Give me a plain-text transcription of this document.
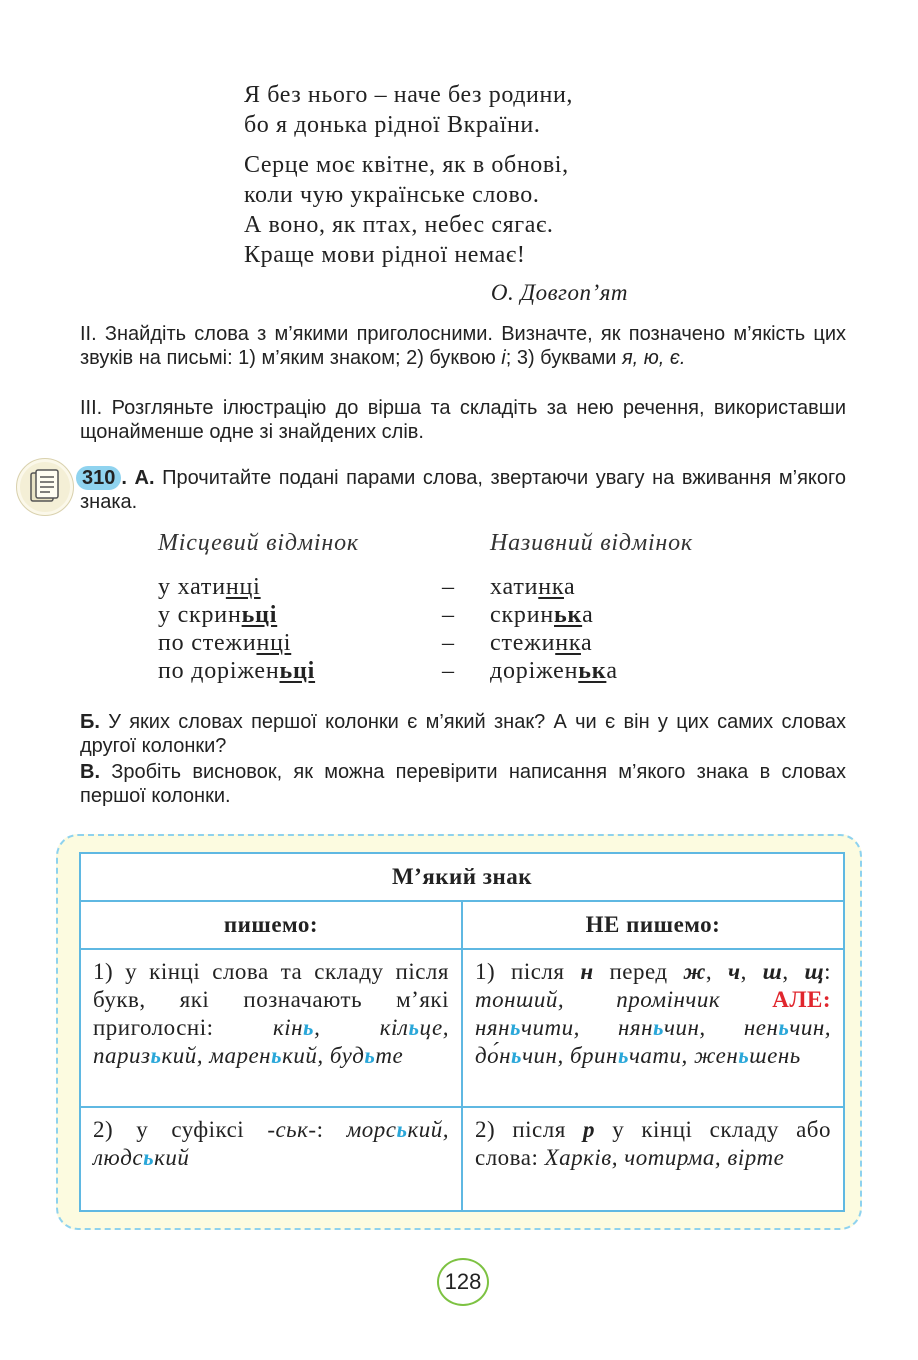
Я без нього – наче без родини,
бо я донька рідної Вкраїни.
Серце моє квітне, як в обнові,
коли чую українське слово.
А воно, як птах, небес сягає.
Краще мови рідної немає!
О. Довгоп’ят
II. Знайдіть слова з м’якими приголосними. Визначте, як позначено м’якість цих звуків на письмі: 1) м’яким знаком; 2) буквою і; 3) буквами я, ю, є.
III. Розгляньте ілюстрацію до вірша та складіть за нею речення, використавши щонайменше одне зі знайдених слів.
310 . А. Прочитайте подані парами слова, звертаючи увагу на вживання м’якого знака.
Місцевий відмінок	Називний відмінок
у хатинці	– хатинка
у скриньці	– скринька
по стежинці	– стежинка
по доріженьці	– доріженька
Б. У яких словах першої колонки є м’який знак? А чи є він у цих самих словах другої колонки?
В. Зробіть висновок, як можна перевірити написання м’якого знака в словах першої колонки.
М’який знак	
пишемо:	НЕ пишемо:
1) у кінці слова та складу після букв, які позначають м’які приголосні: кінь, кільце, паризький, маренький, будьте	1) після н перед ж, ч, ш, щ: тонший, промінчик АЛЕ: няньчити, няньчин, неньчин, до́ньчин, бриньчати, женьшень
2) у суфіксі -ськ-: морський, людський	2) після р у кінці складу або слова: Харків, чотирма, вірте
128
